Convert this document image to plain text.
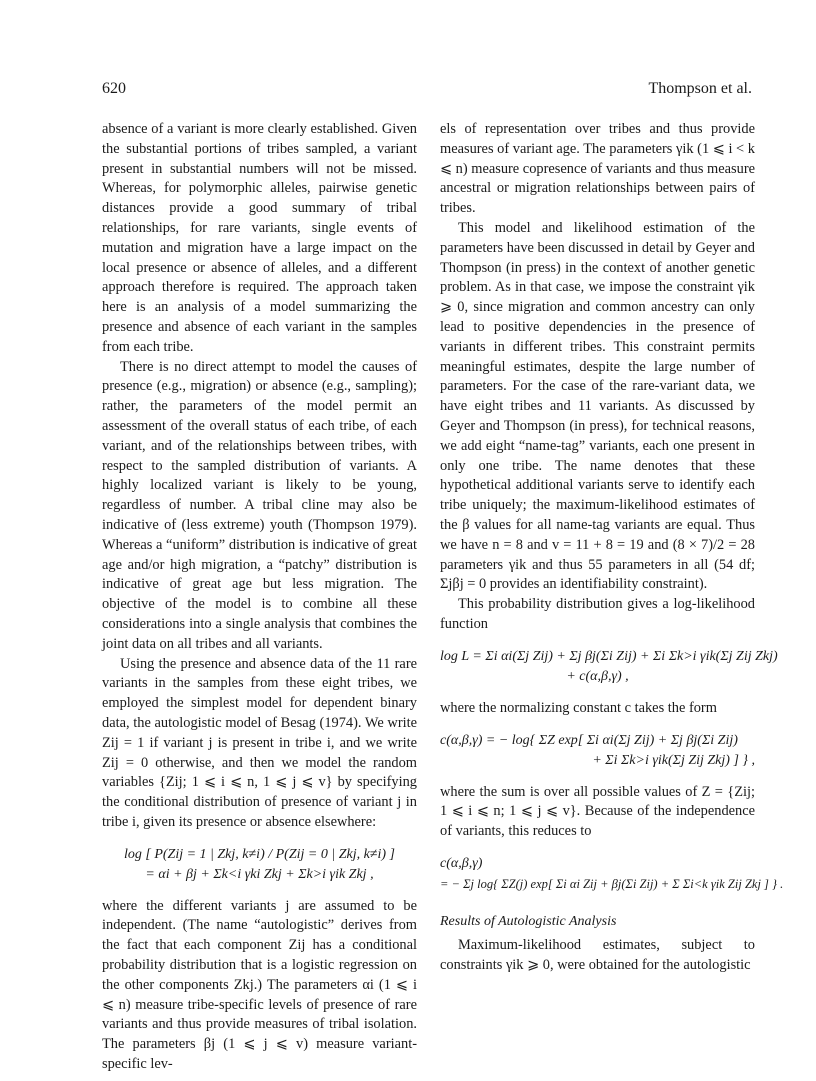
620	Thompson et al.

absence of a variant is more clearly established. Given the substantial portions of tribes sampled, a variant present in substantial numbers will not be missed. Whereas, for polymorphic alleles, pairwise genetic distances provide a good summary of tribal relationships, for rare variants, single events of mutation and migration have a large impact on the local presence or absence of alleles, and a different approach therefore is required. The approach taken here is an analysis of a model summarizing the presence and absence of each variant in the samples from each tribe.

There is no direct attempt to model the causes of presence (e.g., migration) or absence (e.g., sampling); rather, the parameters of the model permit an assessment of the overall status of each tribe, of each variant, and of the relationships between tribes, with respect to the sampled distribution of variants. A highly localized variant is likely to be young, regardless of number. A tribal cline may also be indicative of (less extreme) youth (Thompson 1979). Whereas a “uniform” distribution is indicative of great age and/or high migration, a “patchy” distribution is indicative of great age but less migration. The objective of the model is to combine all these considerations into a single analysis that combines the joint data on all tribes and all variants.

Using the presence and absence data of the 11 rare variants in the samples from these eight tribes, we employed the simplest model for dependent binary data, the autologistic model of Besag (1974). We write Zij = 1 if variant j is present in tribe i, and we write Zij = 0 otherwise, and then we model the random variables {Zij; 1 ⩽ i ⩽ n, 1 ⩽ j ⩽ v} by specifying the conditional distribution of presence of variant j in tribe i, given its presence or absence elsewhere:

log [ P(Zij = 1 | Zkj, k≠i) / P(Zij = 0 | Zkj, k≠i) ]
= αi + βj + Σk<i γki Zkj + Σk>i γik Zkj ,

where the different variants j are assumed to be independent. (The name “autologistic” derives from the fact that each component Zij has a conditional probability distribution that is a logistic regression on the other components Zkj.) The parameters αi (1 ⩽ i ⩽ n) measure tribe-specific levels of presence of rare variants and thus provide measures of tribal isolation. The parameters βj (1 ⩽ j ⩽ v) measure variant-specific lev-

els of representation over tribes and thus provide measures of variant age. The parameters γik (1 ⩽ i < k ⩽ n) measure copresence of variants and thus measure ancestral or migration relationships between pairs of tribes.

This model and likelihood estimation of the parameters have been discussed in detail by Geyer and Thompson (in press) in the context of another genetic problem. As in that case, we impose the constraint γik ⩾ 0, since migration and common ancestry can only lead to positive dependencies in the presence of variants in different tribes. This constraint permits meaningful estimates, despite the large number of parameters. For the case of the rare-variant data, we have eight tribes and 11 variants. As discussed by Geyer and Thompson (in press), for technical reasons, we add eight “name-tag” variants, each one present in only one tribe. The name denotes that these hypothetical additional variants serve to identify each tribe uniquely; the maximum-likelihood estimates of the β values for all name-tag variants are equal. Thus we have n = 8 and v = 11 + 8 = 19 and (8 × 7)/2 = 28 parameters γik and thus 55 parameters in all (54 df; Σjβj = 0 provides an identifiability constraint).

This probability distribution gives a log-likelihood function

log L = Σi αi(Σj Zij) + Σj βj(Σi Zij) + Σi Σk>i γik(Σj Zij Zkj)
+ c(α,β,γ) ,

where the normalizing constant c takes the form

c(α,β,γ) = − log{ ΣZ exp[ Σi αi(Σj Zij) + Σj βj(Σi Zij)
+ Σi Σk>i γik(Σj Zij Zkj) ] } ,

where the sum is over all possible values of Z = {Zij; 1 ⩽ i ⩽ n; 1 ⩽ j ⩽ v}. Because of the independence of variants, this reduces to

c(α,β,γ)
= − Σj log{ ΣZ(j) exp[ Σi αi Zij + βj(Σi Zij) + Σ Σi<k γik Zij Zkj ] } .
Results of Autologistic Analysis

Maximum-likelihood estimates, subject to constraints γik ⩾ 0, were obtained for the autologistic
